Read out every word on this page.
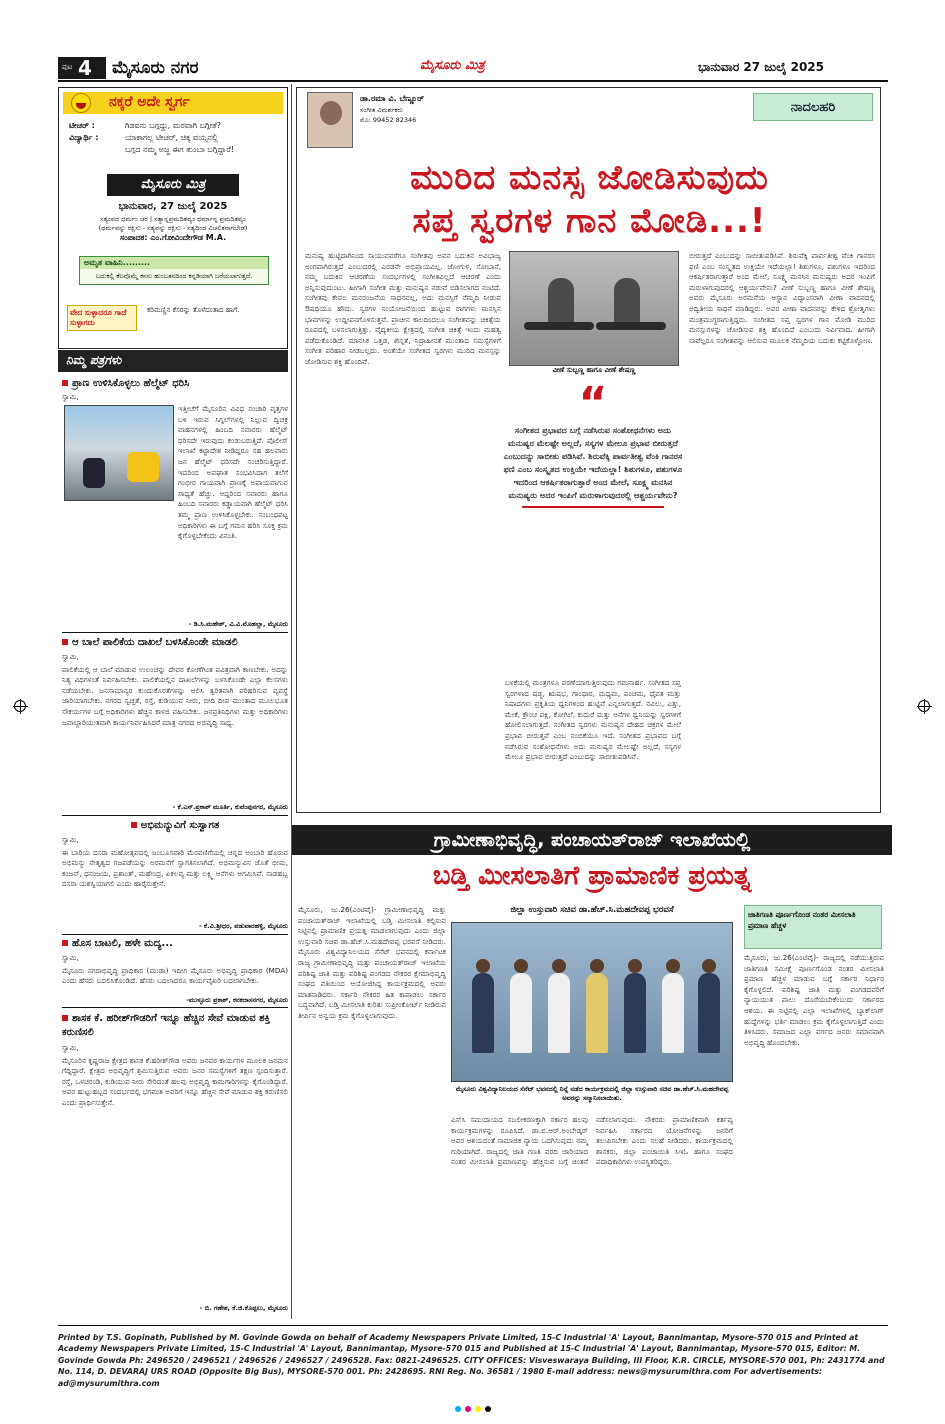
ಪುಟ 4 ಮೈಸೂರು ನಗರ	ಮೈಸೂರು ಮಿತ್ರ	ಭಾನುವಾರ 27 ಜುಲೈ 2025
ನಕ್ಕರೆ ಅದೇ ಸ್ವರ್ಗ
ಟೀಚರ್ :	ಗಿಡವನು ಬಗ್ಗದ್ದು, ಮರವಾಗಿ ಬಗ್ಗೀತೆ?
ವಿದ್ಯಾರ್ಥಿ :	ಯಾಕಾಗಲ್ಲ ಟೀಚರ್, ಚಿಕ್ಕ ವಯ್ಸನಲ್ಲಿ
ಬಗ್ಗದ ನಮ್ಮ ಅಜ್ಜ ಈಗ ತುಂಬಾ ಬಗ್ಗಿದ್ದಾರೆ!
ಮೈಸೂರು ಮಿತ್ರ
ಭಾನುವಾರ, 27 ಜುಲೈ 2025
ಸತ್ಯಂವದ ಧರ್ಮಂ ಚರ | ಸತ್ಯಾನ್ನಪ್ರಮದಿತವ್ಯಂ ಧರ್ಮಾನ್ನ ಪ್ರಮದಿತವ್ಯಂ
(ಧರ್ಮವನ್ನು ರಕ್ಷಿಸು - ಸತ್ಯವನ್ನು ರಕ್ಷಿಸು - ಸತ್ಯದಿಂದ ವಿಚಲಿತನಾಗಬೇಡ)
ಸಂಪಾದಕ: ಎಂ.ಗೋವಿಂದೇಗೌಡ M.A.
ಅಮೃತ ವಾಹಿನಿ.........
ಬದುಕಲ್ಲಿ ಕೆಲವೊಮ್ಮೆ ಕನಸು ಹುಂಬತನದಿಂದ ಕನ್ನಡಿಯಾಗಿ ಬರೆಯಲಾಗುತ್ತದೆ.
ವೇದ ಸುಳ್ಳಾದರೂ ಗಾದೆ ಸುಳ್ಳಾಗದು
ಕರಿಮಣ್ಣಿನ ಕೆಸರನ್ನು ತೊಳೆದಂತಾದ ಹಾಗೆ.
ನಿಮ್ಮ ಪತ್ರಗಳು
ಪ್ರಾಣ ಉಳಿಸಿಕೊಳ್ಳಲು ಹೆಲ್ಮೆಟ್ ಧರಿಸಿ
ಸ್ವಾಮಿ,

ಇತ್ತೀಚೆಗೆ ಮೈಸೂರಿನ ವಿವಿಧ ಸಂಚಾರಿ ವೃತ್ತಗಳ ಬಳಿ ಇರುವ ಸಿಗ್ನಲ್‌ಗಳಲ್ಲಿ ನಿಲ್ಲುವ ದ್ವಿಚಕ್ರ ವಾಹನಗಳಲ್ಲಿ ಹಿಂಬದಿ ಸವಾರರು ಹೆಲ್ಮೆಟ್ ಧರಿಸದೇ ಇರುವುದು ಕಂಡುಬರುತ್ತಿದೆ. ಪೊಲೀಸ್ ಇಲಾಖೆ ಕಟ್ಟಾದೇಶ ನೀಡಿದ್ದರೂ ಸಹ ಹಲವಾರು ಜನ ಹೆಲ್ಮೆಟ್ ಧರಿಸದೇ ಸಂಚರಿಸುತ್ತಿದ್ದಾರೆ. ಇದರಿಂದ ಅಪಘಾತ ಸಂಭವಿಸಿದಾಗ ತಲೆಗೆ ಗಂಭೀರ ಗಾಯವಾಗಿ ಪ್ರಾಣಕ್ಕೆ ಅಪಾಯವಾಗುವ ಸಾಧ್ಯತೆ ಹೆಚ್ಚು. ಆದ್ದರಿಂದ ಸವಾರರು ಹಾಗೂ ಹಿಂಬದಿ ಸವಾರರು ಕಡ್ಡಾಯವಾಗಿ ಹೆಲ್ಮೆಟ್ ಧರಿಸಿ ತಮ್ಮ ಪ್ರಾಣ ಉಳಿಸಿಕೊಳ್ಳಬೇಕು. ಸಂಬಂಧಪಟ್ಟ ಅಧಿಕಾರಿಗಳು ಈ ಬಗ್ಗೆ ಗಮನ ಹರಿಸಿ ಸೂಕ್ತ ಕ್ರಮ ಕೈಗೊಳ್ಳಬೇಕೆಂದು ವಿನಂತಿ.

- ಡಿ.ಸಿ.ಮಹೇಶ್, ವಿ.ವಿ.ಮೊಹಲ್ಲಾ, ಮೈಸೂರು
ಆ ಬಾಲೆ ಪಾಲಿಕೆಯ ದಾಖಲೆ ಬಳಸಿಕೊಂಡೇ ಮಾಡಲಿ

ಸ್ವಾಮಿ,

ಪಾಲಿಕೆಯಲ್ಲಿ ಆ ಬಾಲೆ ಮಾಡುವ ಉಲಂಚನ್ನು ದೇವರ ಕೋಣೆಗಿಂತ ಪವಿತ್ರವಾಗಿ ಕಾಣಬೇಕು. ಅದನ್ನು ನಿತ್ಯ ವಿಧಿಗಳಂತೆ ನಿರ್ವಹಿಸಬೇಕು. ಪಾಲಿಕೆಯಲ್ಲಿನ ದಾಖಲೆಗಳನ್ನು ಬಳಸಿಕೊಂಡೇ ಎಲ್ಲಾ ಕೆಲಸಗಳು ನಡೆಯಬೇಕು. ಜನಸಾಮಾನ್ಯರ ಕುಂದುಕೊರತೆಗಳನ್ನು ಆಲಿಸಿ ತ್ವರಿತವಾಗಿ ಪರಿಹರಿಸುವ ವ್ಯವಸ್ಥೆ ಜಾರಿಯಾಗಬೇಕು. ನಗರದ ಸ್ವಚ್ಛತೆ, ರಸ್ತೆ, ಕುಡಿಯುವ ನೀರು, ಬೀದಿ ದೀಪ ಮುಂತಾದ ಮೂಲಭೂತ ಸೌಕರ್ಯಗಳ ಬಗ್ಗೆ ಅಧಿಕಾರಿಗಳು ಹೆಚ್ಚಿನ ಕಾಳಜಿ ವಹಿಸಬೇಕು. ಜನಪ್ರತಿನಿಧಿಗಳು ಮತ್ತು ಅಧಿಕಾರಿಗಳು ಜವಾಬ್ದಾರಿಯುತವಾಗಿ ಕಾರ್ಯನಿರ್ವಹಿಸಿದರೆ ಮಾತ್ರ ನಗರದ ಅಭಿವೃದ್ಧಿ ಸಾಧ್ಯ.

- ಕೆ.ಎಸ್.ಪ್ರಕಾಶ್ ಮೂರ್ತಿ, ಕುವೆಂಪುನಗರ, ಮೈಸೂರು
ಅಭಿಮನ್ಯುವಿಗೆ ಸುಸ್ವಾಗತ

ಸ್ವಾಮಿ,

ಈ ಬಾರಿಯ ದಸರಾ ಮಹೋತ್ಸವದಲ್ಲಿ ಜಂಬೂಸವಾರಿ ಮೆರವಣಿಗೆಯಲ್ಲಿ ಚಿನ್ನದ ಅಂಬಾರಿ ಹೊರುವ ಅಭಿಮನ್ಯು ನೇತೃತ್ವದ ಗಜಪಡೆಯನ್ನು ಅರಮನೆಗೆ ಸ್ವಾಗತಿಸಲಾಗಿದೆ. ಅಭಿಮನ್ಯುವಿನ ಜೊತೆ ಭೀಮ, ಕಂಜನ್, ಧನಂಜಯ, ಪ್ರಶಾಂತ್, ಮಹೇಂದ್ರ, ಏಕಲವ್ಯ ಮತ್ತು ಲಕ್ಷ್ಮಿ ಆನೆಗಳು ಆಗಮಿಸಿವೆ. ನಾಡಹಬ್ಬ ದಸರಾ ಯಶಸ್ವಿಯಾಗಲಿ ಎಂದು ಹಾರೈಸುತ್ತೇನೆ.

- ಕೆ.ವಿ.ಶ್ರೀಧರ, ಪಡುವಾರಹಳ್ಳಿ, ಮೈಸೂರು
ಹೊಸ ಬಾಟಲಿ, ಹಳೇ ಮದ್ಯ...

ಸ್ವಾಮಿ,

ಮೈಸೂರು ನಗರಾಭಿವೃದ್ಧಿ ಪ್ರಾಧಿಕಾರ (ಮುಡಾ) ಇದೀಗ ಮೈಸೂರು ಅಭಿವೃದ್ಧಿ ಪ್ರಾಧಿಕಾರ (MDA) ಎಂದು ಹೆಸರು ಬದಲಿಸಿಕೊಂಡಿದೆ. ಹೆಸರು ಬದಲಾದರೂ ಕಾರ್ಯವೈಖರಿ ಬದಲಾಗಬೇಕು.

-ಮುಳ್ಳೂರು ಪ್ರಕಾಶ್, ಕನಕದಾಸನಗರ, ಮೈಸೂರು
ಶಾಸಕ ಕೆ. ಹರೀಶ್‌ಗೌಡರಿಗೆ ಇನ್ನೂ ಹೆಚ್ಚಿನ ಸೇವೆ ಮಾಡುವ ಶಕ್ತಿ ಕರುಣಿಸಲಿ

ಸ್ವಾಮಿ,

ಮೈಸೂರಿನ ಕೃಷ್ಣರಾಜ ಕ್ಷೇತ್ರದ ಶಾಸಕ ಕೆ.ಹರೀಶ್‌ಗೌಡ ಅವರು ಜನಪರ ಕಾರ್ಯಗಳ ಮೂಲಕ ಜನಮನ ಗೆದ್ದಿದ್ದಾರೆ. ಕ್ಷೇತ್ರದ ಅಭಿವೃದ್ಧಿಗೆ ಶ್ರಮಿಸುತ್ತಿರುವ ಅವರು ಜನರ ಸಮಸ್ಯೆಗಳಿಗೆ ತಕ್ಷಣ ಸ್ಪಂದಿಸುತ್ತಾರೆ. ರಸ್ತೆ, ಒಳಚರಂಡಿ, ಕುಡಿಯುವ ನೀರು ಸೇರಿದಂತೆ ಹಲವು ಅಭಿವೃದ್ಧಿ ಕಾಮಗಾರಿಗಳನ್ನು ಕೈಗೊಂಡಿದ್ದಾರೆ. ಅವರ ಹುಟ್ಟುಹಬ್ಬದ ಸಂದರ್ಭದಲ್ಲಿ ಭಗವಂತ ಅವರಿಗೆ ಇನ್ನೂ ಹೆಚ್ಚಿನ ಸೇವೆ ಮಾಡುವ ಶಕ್ತಿ ಕರುಣಿಸಲಿ ಎಂದು ಪ್ರಾರ್ಥಿಸುತ್ತೇನೆ.

- ಬಿ. ಗಣೇಶ, ಕೆ.ಜಿ.ಕೊಪ್ಪಲು, ಮೈಸೂರು
ಡಾ.ರಮಾ ವಿ. ಬೆಣ್ಣೂರ್
ಸಂಗೀತ ವಿಮರ್ಶಕರು
ಮೊ: 99452 82346
ನಾದಲಹರಿ
ಮುರಿದ ಮನಸ್ಸ ಜೋಡಿಸುವುದು
ಸಪ್ತ ಸ್ವರಗಳ ಗಾನ ಮೋಡಿ...!

ಮನುಷ್ಯ ಹುಟ್ಟಿದಾಗಿನಿಂದ ಸಾಯುವವರೆಗೂ ಸಂಗೀತವು ಅವನ ಬದುಕಿನ ಅವಿಭಾಜ್ಯ ಅಂಗವಾಗಿರುತ್ತದೆ ಎಂಬುದರಲ್ಲಿ ಎರಡನೇ ಅಭಿಪ್ರಾಯವಿಲ್ಲ. ಜೋಗುಳ, ಸೋಬಾನೆ, ನಮ್ಮ ಬದುಕಿನ ಆಚರಣೆಯ ಸಂದರ್ಭಗಳಲ್ಲಿ ಸಂಗೀತವಿಲ್ಲದೆ ಆಚರಣೆ ಎಂದು ಅನ್ನಿಸುವುದುಂಟು. ಹೀಗಾಗಿ ಸಂಗೀತ ಮತ್ತು ಮನುಷ್ಯನ ನಡುವೆ ಬಿಡಿಸಲಾಗದ ನಂಟಿದೆ. ಸಂಗೀತವು ಕೇವಲ ಮನರಂಜನೆಯ ಸಾಧನವಲ್ಲ, ಅದು ಮನಸ್ಸಿಗೆ ನೆಮ್ಮದಿ ನೀಡುವ ಔಷಧಿಯೂ ಹೌದು. ಸ್ವರಗಳ ಸಂಯೋಜನೆಯಿಂದ ಹುಟ್ಟುವ ರಾಗಗಳು ಮನಸ್ಸಿನ ಭಾವಗಳನ್ನು ಉದ್ದೀಪನಗೊಳಿಸುತ್ತವೆ. ಪ್ರಾಚೀನ ಕಾಲದಿಂದಲೂ ಸಂಗೀತವನ್ನು ಚಿಕಿತ್ಸೆಯ ರೂಪದಲ್ಲಿ ಬಳಸಲಾಗುತ್ತಿತ್ತು. ವೈದ್ಯಕೀಯ ಕ್ಷೇತ್ರದಲ್ಲಿ ಸಂಗೀತ ಚಿಕಿತ್ಸೆ ಇಂದು ಮಹತ್ವ ಪಡೆದುಕೊಂಡಿದೆ. ಮಾನಸಿಕ ಒತ್ತಡ, ಖಿನ್ನತೆ, ನಿದ್ರಾಹೀನತೆ ಮುಂತಾದ ಸಮಸ್ಯೆಗಳಿಗೆ ಸಂಗೀತ ಪರಿಹಾರ ನೀಡಬಲ್ಲದು. ಅಂತೆಯೇ ಸಂಗೀತದ ಸ್ವರಗಳು ಮುರಿದ ಮನಸ್ಸನ್ನು ಜೋಡಿಸುವ ಶಕ್ತಿ ಹೊಂದಿವೆ.

ವೀಣೆ ಸುಬ್ಬಣ್ಣ ಹಾಗೂ ವೀಣೆ ಶೇಷಣ್ಣ
“
ಸಂಗೀತದ ಪ್ರಭಾವದ ಬಗ್ಗೆ ನಡೆಸಿರುವ ಸಂಶೋಧನೆಗಳು ಅದು ಮನುಷ್ಯರ ಮೆಲಷ್ಟೇ ಅಲ್ಲದೆ, ಸಸ್ಯಗಳ ಮೇಲೂ ಪ್ರಭಾವ ಬೀರುತ್ತದೆ ಎಂಬುದನ್ನು ಸಾಬೀತು ಪಡಿಸಿವೆ. ಶಿರುವೆಕ್ಕಿ ಪಾರ್ವತೀಶ್ವ ವೆಂಕಿ ಗಾನರಸ ಫಣಿ ಎಂಬ ಸಂಸ್ಕೃತದ ಉಕ್ತಿಯೇ ಇದೆಯಲ್ಲಾ! ಶಿಶುಗಳೂ, ಪಶುಗಳೂ ಇದರಿಂದ ಆಕರ್ಷಿತರಾಗುತ್ತಾರೆ ಅಂದ ಮೇಲೆ, ಸೂಕ್ಷ್ಮ ಮನಸಿನ ಮನುಷ್ಯರು ಅದರ ಇಂಪಿಗೆ ಮರುಳಾಗುವುದರಲ್ಲಿ ಆಶ್ಚರ್ಯವೇನು?

ಬಳಕೆಯಲ್ಲಿ ಮಂತ್ರಗಳೂ ಪಠಣೆಯಾಗುತ್ತಿರುವುದು ಗಮನಾರ್ಹ. ಸಂಗೀತದ ಸಪ್ತ ಸ್ವರಗಳಾದ ಷಡ್ಜ, ಋಷಭ, ಗಾಂಧಾರ, ಮಧ್ಯಮ, ಪಂಚಮ, ಧೈವತ ಮತ್ತು ನಿಷಾದಗಳು ಪ್ರಕೃತಿಯ ಧ್ವನಿಗಳಿಂದ ಹುಟ್ಟಿವೆ ಎನ್ನಲಾಗುತ್ತದೆ. ನವಿಲು, ಎತ್ತು, ಮೇಕೆ, ಕ್ರೌಂಚ ಪಕ್ಷಿ, ಕೋಗಿಲೆ, ಕುದುರೆ ಮತ್ತು ಆನೆಗಳ ಧ್ವನಿಯನ್ನು ಸ್ವರಗಳಿಗೆ ಹೋಲಿಸಲಾಗುತ್ತದೆ. ಸಂಗೀತದ ಸ್ವರಗಳು ಮನುಷ್ಯನ ದೇಹದ ಚಕ್ರಗಳ ಮೇಲೆ ಪ್ರಭಾವ ಬೀರುತ್ತವೆ ಎಂಬ ನಂಬಿಕೆಯೂ ಇದೆ. ಸಂಗೀತದ ಪ್ರಭಾವದ ಬಗ್ಗೆ ನಡೆಸಿರುವ ಸಂಶೋಧನೆಗಳು ಅದು ಮನುಷ್ಯರ ಮೇಲಷ್ಟೇ ಅಲ್ಲದೆ, ಸಸ್ಯಗಳ ಮೇಲೂ ಪ್ರಭಾವ ಬೀರುತ್ತದೆ ಎಂಬುದನ್ನು ಸಾಬೀತುಪಡಿಸಿವೆ.

ಬೀರುತ್ತದೆ ಎಂಬುದನ್ನು ಸಾಬೀತುಪಡಿಸಿವೆ. ಶಿರುವೆಕ್ಕಿ ಪಾರ್ವತೀಶ್ವ ವೆಂಕಿ ಗಾನರಸ ಫಣಿ ಎಂಬ ಸಂಸ್ಕೃತದ ಉಕ್ತಿಯೇ ಇದೆಯಲ್ಲಾ! ಶಿಶುಗಳೂ, ಪಶುಗಳೂ ಇದರಿಂದ ಆಕರ್ಷಿತರಾಗುತ್ತಾರೆ ಅಂದ ಮೇಲೆ, ಸೂಕ್ಷ್ಮ ಮನಸಿನ ಮನುಷ್ಯರು ಅದರ ಇಂಪಿಗೆ ಮರುಳಾಗುವುದರಲ್ಲಿ ಆಶ್ಚರ್ಯವೇನು? ವೀಣೆ ಸುಬ್ಬಣ್ಣ ಹಾಗೂ ವೀಣೆ ಶೇಷಣ್ಣ ಅವರು ಮೈಸೂರು ಅರಮನೆಯ ಆಸ್ಥಾನ ವಿದ್ವಾಂಸರಾಗಿ ವೀಣಾ ವಾದನದಲ್ಲಿ ಅದ್ವಿತೀಯ ಸಾಧನೆ ಮಾಡಿದ್ದರು. ಅವರ ವೀಣಾ ವಾದನವನ್ನು ಕೇಳಿದ ಶ್ರೋತೃಗಳು ಮಂತ್ರಮುಗ್ಧರಾಗುತ್ತಿದ್ದರು. ಸಂಗೀತದ ಸಪ್ತ ಸ್ವರಗಳ ಗಾನ ಮೋಡಿ ಮುರಿದ ಮನಸ್ಸುಗಳನ್ನು ಜೋಡಿಸುವ ಶಕ್ತಿ ಹೊಂದಿದೆ ಎಂಬುದು ನಿರ್ವಿವಾದ. ಹೀಗಾಗಿ ನಾವೆಲ್ಲರೂ ಸಂಗೀತವನ್ನು ಆಲಿಸುವ ಮೂಲಕ ನೆಮ್ಮದಿಯ ಬದುಕು ಕಟ್ಟಿಕೊಳ್ಳೋಣ.

ಗ್ರಾಮೀಣಾಭಿವೃದ್ಧಿ, ಪಂಚಾಯತ್‌ರಾಜ್ ಇಲಾಖೆಯಲ್ಲಿ
ಬಡ್ತಿ ಮೀಸಲಾತಿಗೆ ಪ್ರಾಮಾಣಿಕ ಪ್ರಯತ್ನ

ಮೈಸೂರು, ಜು.26(ಎಂಟಿವೈ)- ಗ್ರಾಮೀಣಾಭಿವೃದ್ಧಿ ಮತ್ತು ಪಂಚಾಯತ್‌ರಾಜ್ ಇಲಾಖೆಯಲ್ಲಿ ಬಡ್ತಿ ಮೀಸಲಾತಿ ಕಲ್ಪಿಸುವ ನಿಟ್ಟಿನಲ್ಲಿ ಪ್ರಾಮಾಣಿಕ ಪ್ರಯತ್ನ ಮಾಡಲಾಗುವುದು ಎಂದು ಜಿಲ್ಲಾ ಉಸ್ತುವಾರಿ ಸಚಿವ ಡಾ.ಹೆಚ್.ಸಿ.ಮಹದೇವಪ್ಪ ಭರವಸೆ ನೀಡಿದರು. ಮೈಸೂರು ವಿಶ್ವವಿದ್ಯಾನಿಲಯದ ಸೆನೆಟ್ ಭವನದಲ್ಲಿ ಕರ್ನಾಟಕ ರಾಜ್ಯ ಗ್ರಾಮೀಣಾಭಿವೃದ್ಧಿ ಮತ್ತು ಪಂಚಾಯತ್‌ರಾಜ್ ಇಲಾಖೆಯ ಪರಿಶಿಷ್ಟ ಜಾತಿ ಮತ್ತು ಪರಿಶಿಷ್ಟ ಪಂಗಡದ ನೌಕರರ ಕ್ಷೇಮಾಭಿವೃದ್ಧಿ ಸಂಘದ ವತಿಯಿಂದ ಆಯೋಜಿಸಿದ್ದ ಕಾರ್ಯಕ್ರಮದಲ್ಲಿ ಅವರು ಮಾತನಾಡಿದರು. ಸರ್ಕಾರಿ ನೌಕರರ ಹಿತ ಕಾಪಾಡಲು ಸರ್ಕಾರ ಬದ್ಧವಾಗಿದೆ. ಬಡ್ತಿ ಮೀಸಲಾತಿ ಕುರಿತು ಸುಪ್ರೀಂಕೋರ್ಟ್ ನೀಡಿರುವ ತೀರ್ಪಿನ ಅನ್ವಯ ಕ್ರಮ ಕೈಗೊಳ್ಳಲಾಗುವುದು.

ಜಿಲ್ಲಾ ಉಸ್ತುವಾರಿ ಸಚಿವ ಡಾ.ಹೆಚ್.ಸಿ.ಮಹದೇವಪ್ಪ ಭರವಸೆ
ಮೈಸೂರು ವಿಶ್ವವಿದ್ಯಾನಿಲಯದ ಸೆನೆಟ್ ಭವನದಲ್ಲಿ ನಿನ್ನೆ ನಡೆದ ಕಾರ್ಯಕ್ರಮದಲ್ಲಿ ಜಿಲ್ಲಾ ಉಸ್ತುವಾರಿ ಸಚಿವ ಡಾ.ಹೆಚ್.ಸಿ.ಮಹದೇವಪ್ಪ ಅವರನ್ನು ಸನ್ಮಾನಿಸಲಾಯಿತು.

ಎಸ್‌ಸಿ ಸಮುದಾಯದ ಸಬಲೀಕರಣಕ್ಕಾಗಿ ಸರ್ಕಾರ ಹಲವು ಕಾರ್ಯಕ್ರಮಗಳನ್ನು ರೂಪಿಸಿದೆ. ಡಾ.ಬಿ.ಆರ್.ಅಂಬೇಡ್ಕರ್ ಅವರ ಆಶಯದಂತೆ ಸಾಮಾಜಿಕ ನ್ಯಾಯ ಒದಗಿಸುವುದು ನಮ್ಮ ಗುರಿಯಾಗಿದೆ. ರಾಜ್ಯದಲ್ಲಿ ಜಾತಿ ಗಣತಿ ವರದಿ ಜಾರಿಯಾದ ನಂತರ ಮೀಸಲಾತಿ ಪ್ರಮಾಣವನ್ನು ಹೆಚ್ಚಿಸುವ ಬಗ್ಗೆ ಚಿಂತನೆ ನಡೆಸಲಾಗುವುದು. ನೌಕರರು ಪ್ರಾಮಾಣಿಕವಾಗಿ ಕರ್ತವ್ಯ ನಿರ್ವಹಿಸಿ ಸರ್ಕಾರದ ಯೋಜನೆಗಳನ್ನು ಜನರಿಗೆ ತಲುಪಿಸಬೇಕು ಎಂದು ಸಲಹೆ ನೀಡಿದರು. ಕಾರ್ಯಕ್ರಮದಲ್ಲಿ ಶಾಸಕರು, ಜಿಲ್ಲಾ ಪಂಚಾಯಿತಿ ಸಿಇಓ ಹಾಗೂ ಸಂಘದ ಪದಾಧಿಕಾರಿಗಳು ಉಪಸ್ಥಿತರಿದ್ದರು.

ಜಾತಿಗಣತಿ ಪೂರ್ಣಗೊಂಡ ನಂತರ ಮೀಸಲಾತಿ ಪ್ರಮಾಣ ಹೆಚ್ಚಳ

ಮೈಸೂರು, ಜು.26(ಎಂಟಿವೈ)- ರಾಜ್ಯದಲ್ಲಿ ನಡೆಯುತ್ತಿರುವ ಜಾತಿಗಣತಿ ಸಮೀಕ್ಷೆ ಪೂರ್ಣಗೊಂಡ ನಂತರ ಮೀಸಲಾತಿ ಪ್ರಮಾಣ ಹೆಚ್ಚಳ ಮಾಡುವ ಬಗ್ಗೆ ಸರ್ಕಾರ ನಿರ್ಧಾರ ಕೈಗೊಳ್ಳಲಿದೆ. ಪರಿಶಿಷ್ಟ ಜಾತಿ ಮತ್ತು ಪಂಗಡದವರಿಗೆ ನ್ಯಾಯಯುತ ಪಾಲು ದೊರೆಯಬೇಕೆಂಬುದು ಸರ್ಕಾರದ ಆಶಯ. ಈ ನಿಟ್ಟಿನಲ್ಲಿ ಎಲ್ಲಾ ಇಲಾಖೆಗಳಲ್ಲಿ ಬ್ಯಾಕ್‌ಲಾಗ್ ಹುದ್ದೆಗಳನ್ನು ಭರ್ತಿ ಮಾಡಲು ಕ್ರಮ ಕೈಗೊಳ್ಳಲಾಗುತ್ತಿದೆ ಎಂದು ತಿಳಿಸಿದರು. ಸಮಾಜದ ಎಲ್ಲಾ ವರ್ಗದ ಜನರು ಸಮಾನವಾಗಿ ಅಭಿವೃದ್ಧಿ ಹೊಂದಬೇಕು.

Printed by T.S. Gopinath, Published by M. Govinde Gowda on behalf of Academy Newspapers Private Limited, 15-C Industrial 'A' Layout, Bannimantap, Mysore-570 015 and Printed at Academy Newspapers Private Limited, 15-C Industrial 'A' Layout, Bannimantap, Mysore-570 015 and Published at 15-C Industrial 'A' Layout, Bannimantap, Mysore-570 015, Editor: M. Govinde Gowda Ph: 2496520 / 2496521 / 2496526 / 2496527 / 2496528. Fax: 0821-2496525. CITY OFFICES: Visveswaraya Building, III Floor, K.R. CIRCLE, MYSORE-570 001, Ph: 2431774 and No. 114, D. DEVARAJ URS ROAD (Opposite Big Bus), MYSORE-570 001. Ph: 2428695. RNI Reg. No. 36581 / 1980 E-mail address: news@mysurumithra.com For advertisements: ad@mysurumithra.com
